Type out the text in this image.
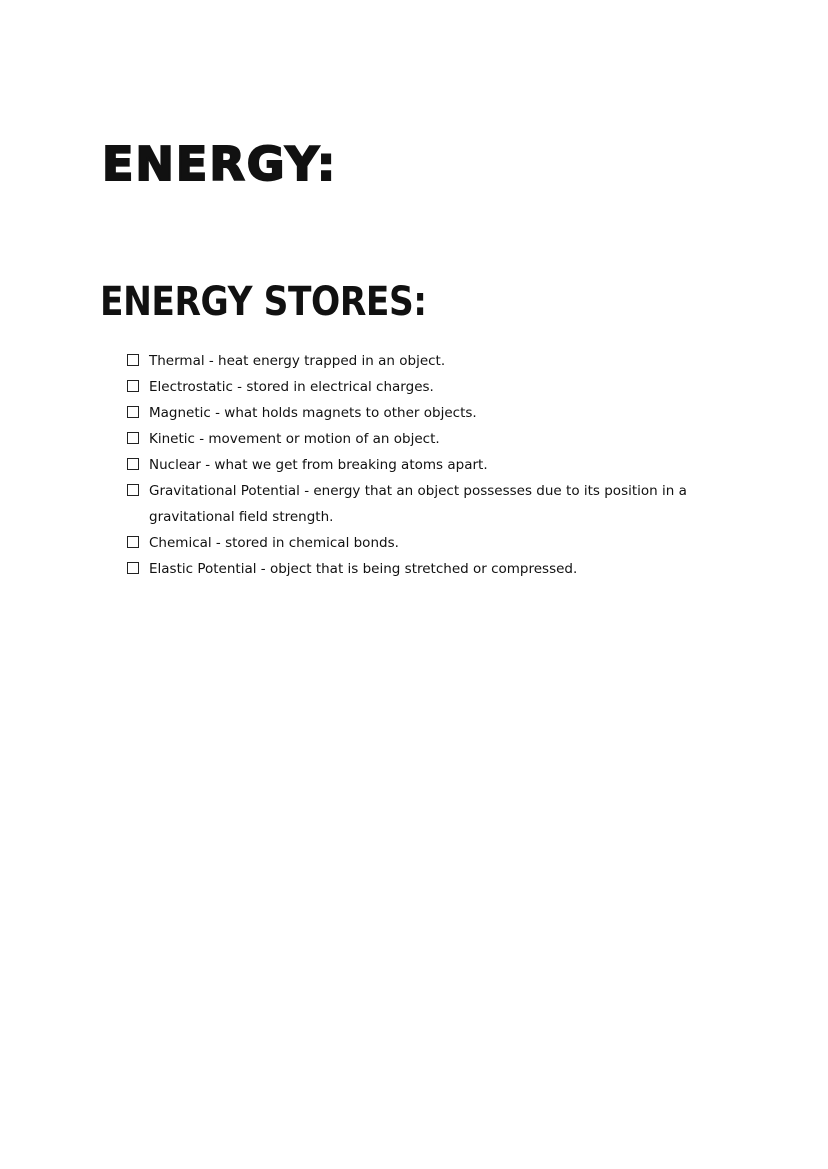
ENERGY:
ENERGY STORES:
Thermal - heat energy trapped in an object.
Electrostatic - stored in electrical charges.
Magnetic - what holds magnets to other objects.
Kinetic - movement or motion of an object.
Nuclear - what we get from breaking atoms apart.
Gravitational Potential - energy that an object possesses due to its position in a gravitational field strength.
Chemical - stored in chemical bonds.
Elastic Potential - object that is being stretched or compressed.
